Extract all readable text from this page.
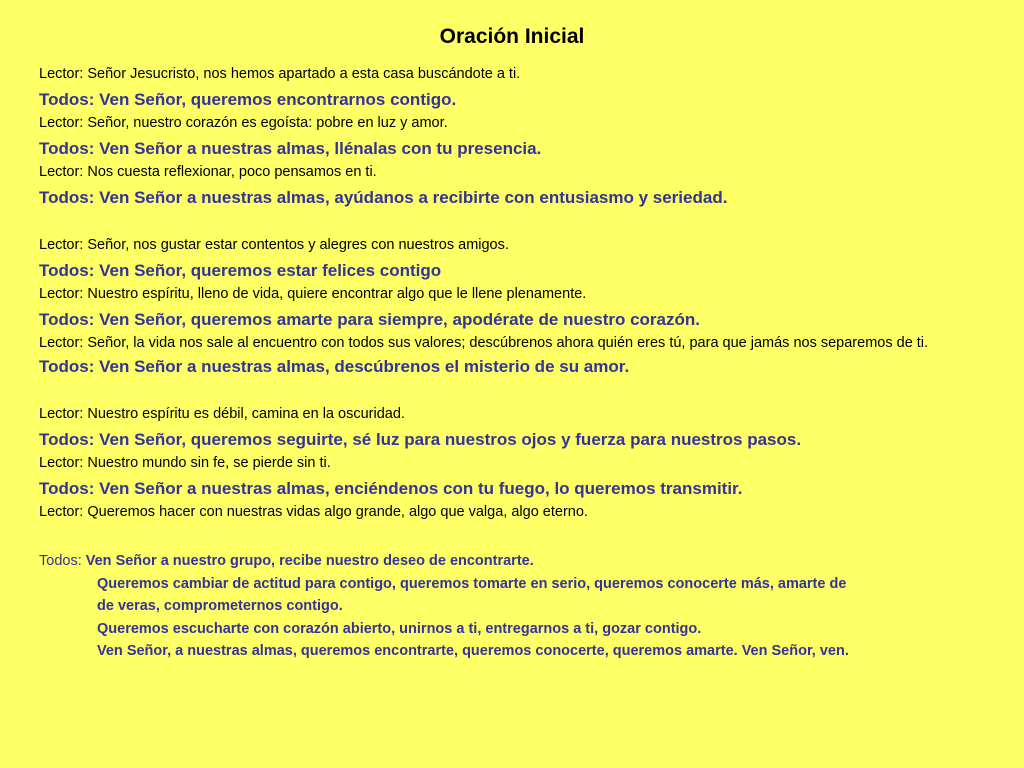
Oración Inicial
Lector: Señor Jesucristo, nos hemos apartado a esta casa buscándote a ti.
Todos: Ven Señor, queremos encontrarnos contigo.
Lector: Señor, nuestro corazón es egoísta: pobre en luz y amor.
Todos: Ven Señor a nuestras almas, llénalas con tu presencia.
Lector: Nos cuesta reflexionar, poco pensamos en ti.
Todos: Ven Señor a nuestras almas, ayúdanos a recibirte con entusiasmo y seriedad.
Lector: Señor, nos gustar estar contentos y alegres con nuestros amigos.
Todos: Ven Señor, queremos estar felices contigo
Lector: Nuestro espíritu, lleno de vida, quiere encontrar algo que le llene plenamente.
Todos: Ven Señor, queremos amarte para siempre, apodérate de nuestro corazón.
Lector: Señor, la vida nos sale al encuentro con todos sus valores; descúbrenos ahora quién eres tú, para que jamás nos separemos de ti.
Todos: Ven Señor a nuestras almas, descúbrenos el misterio de su amor.
Lector: Nuestro espíritu es débil, camina en la oscuridad.
Todos: Ven Señor, queremos seguirte, sé luz para nuestros ojos y fuerza para nuestros pasos.
Lector: Nuestro mundo sin fe, se pierde sin ti.
Todos: Ven Señor a nuestras almas, enciéndenos con tu fuego, lo queremos transmitir.
Lector: Queremos hacer con nuestras vidas algo grande, algo que valga, algo eterno.
Todos: Ven Señor a nuestro grupo, recibe nuestro deseo de encontrarte.
Queremos cambiar de actitud para contigo, queremos tomarte en serio, queremos conocerte más, amarte de
de veras, comprometernos contigo.
Queremos escucharte con corazón abierto, unirnos a ti, entregarnos a ti, gozar contigo.
Ven Señor, a nuestras almas, queremos encontrarte, queremos conocerte, queremos amarte. Ven Señor, ven.
